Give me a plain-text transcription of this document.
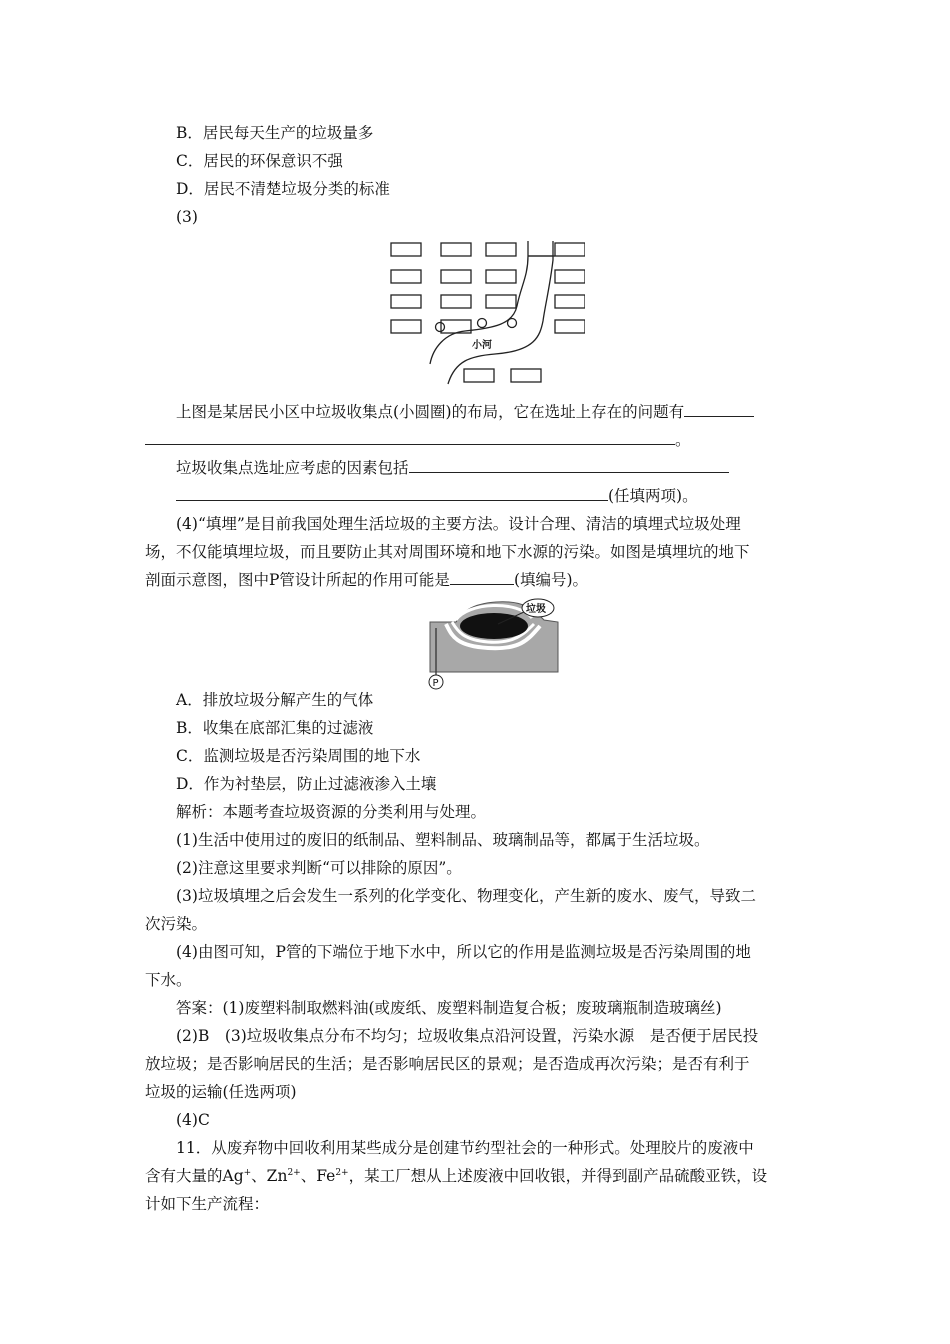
B．居民每天生产的垃圾量多
C．居民的环保意识不强
D．居民不清楚垃圾分类的标准
(3)
小河
上图是某居民小区中垃圾收集点(小圆圈)的布局，它在选址上存在的问题有
。
垃圾收集点选址应考虑的因素包括
(任填两项)。
(4)“填埋”是目前我国处理生活垃圾的主要方法。设计合理、清洁的填埋式垃圾处理
场，不仅能填埋垃圾，而且要防止其对周围环境和地下水源的污染。如图是填埋坑的地下
剖面示意图，图中P管设计所起的作用可能是	(填编号)。
垃圾
P
A．排放垃圾分解产生的气体
B．收集在底部汇集的过滤液
C．监测垃圾是否污染周围的地下水
D．作为衬垫层，防止过滤液渗入土壤
解析：本题考查垃圾资源的分类利用与处理。
(1)生活中使用过的废旧的纸制品、塑料制品、玻璃制品等，都属于生活垃圾。
(2)注意这里要求判断“可以排除的原因”。
(3)垃圾填埋之后会发生一系列的化学变化、物理变化，产生新的废水、废气，导致二
次污染。
(4)由图可知，P管的下端位于地下水中，所以它的作用是监测垃圾是否污染周围的地
下水。
答案：(1)废塑料制取燃料油(或废纸、废塑料制造复合板；废玻璃瓶制造玻璃丝)
(2)B　(3)垃圾收集点分布不均匀；垃圾收集点沿河设置，污染水源　是否便于居民投
放垃圾；是否影响居民的生活；是否影响居民区的景观；是否造成再次污染；是否有利于
垃圾的运输(任选两项)
(4)C
11．从废弃物中回收利用某些成分是创建节约型社会的一种形式。处理胶片的废液中
含有大量的Ag+、$Zn^{2+}$、$Fe^{2+}$，某工厂想从上述废液中回收银，并得到副产品硫酸亚铁，设
计如下生产流程：
